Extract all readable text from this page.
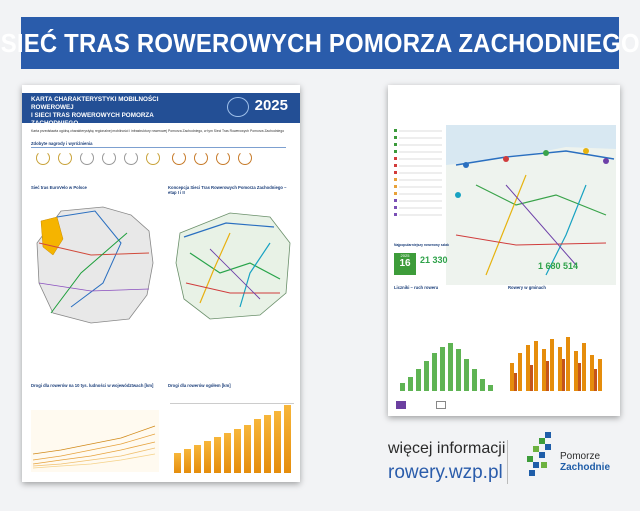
SIEĆ TRAS ROWEROWYCH POMORZA ZACHODNIEGO
KARTA CHARAKTERYSTYKI MOBILNOŚCI ROWEROWEJ
I SIECI TRAS ROWEROWYCH POMORZA ZACHODNIEGO
2025
Karta przedstawia ogólną charakterystykę regionalnej mobilności i infrastruktury rowerowej Pomorza Zachodniego, w tym Sieci Tras Rowerowych Pomorza Zachodniego
Zdobyte nagrody i wyróżnienia
Sieć tras EuroVelo w Polsce	Koncepcja Sieci Tras Rowerowych Pomorza Zachodniego – etap I i II
Drogi dla rowerów na 10 tys. ludności w województwach [km]	Drogi dla rowerów ogółem [km]
Najpopularniejszy rowerowy szlak
2025
16	21 330
1 680 514
Liczniki – ruch roweru	Rowery w gminach
więcej informacji
rowery.wzp.pl
Pomorze
Zachodnie
